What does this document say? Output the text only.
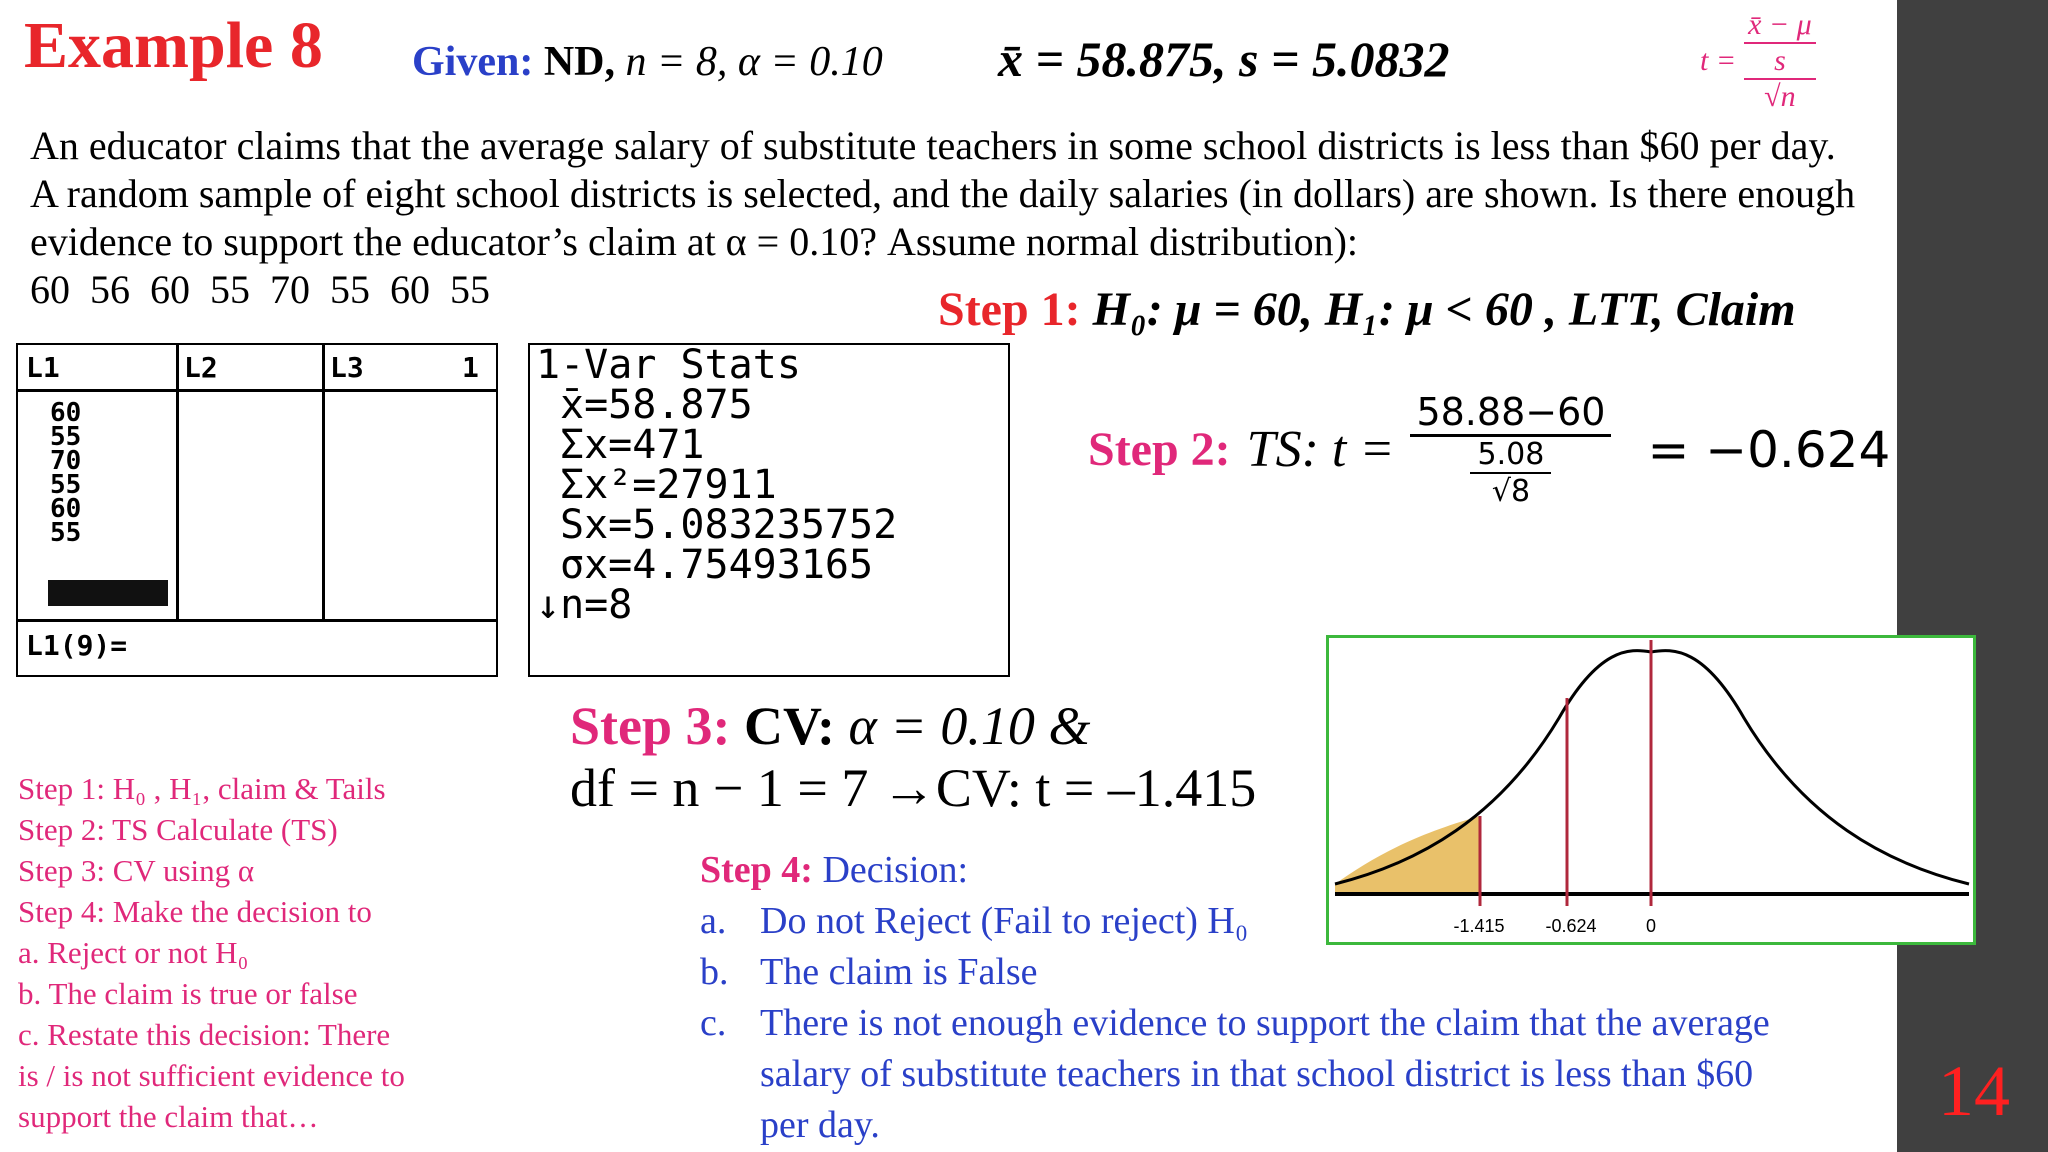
14
Example 8 Given: ND, n = 8, α = 0.10 x̄ = 58.875, s = 5.0832	t = x̄ − μ
s
√n
An educator claims that the average salary of substitute teachers in some school districts is less than $60 per day. A random sample of eight school districts is selected, and the daily salaries (in dollars) are shown. Is there enough evidence to support the educator’s claim at α = 0.10? Assume normal distribution):  60  56  60  55  70  55  60  55	Step 1: H₀: μ = 60, H₁: μ < 60 , LTT, Claim
L1	L2	L3	1
60
55
70
55
60
55
L1(9)=
1-Var Stats
x̄=58.875
Σx=471
Σx²=27911
Sx=5.083235752
σx=4.75493165
↓n=8
Step 2: TS: t = 58.88−60
5.08
√8 = −0.624
Step 3: CV: α = 0.10 &
df = n − 1 = 7 →CV: t = –1.415
Step 1: H₀ , H₁, claim & Tails
Step 2: TS Calculate (TS)
Step 3: CV using α
Step 4: Make the decision to
a. Reject or not H₀
b. The claim is true or false
c. Restate this decision: There
is / is not sufficient evidence to
support the claim that…
Step 4: Decision:
a. Do not Reject (Fail to reject) H₀
b. The claim is False
c. There is not enough evidence to support the claim that the average salary of substitute teachers in that school district is less than $60 per day.
-1.415 -0.624	0
